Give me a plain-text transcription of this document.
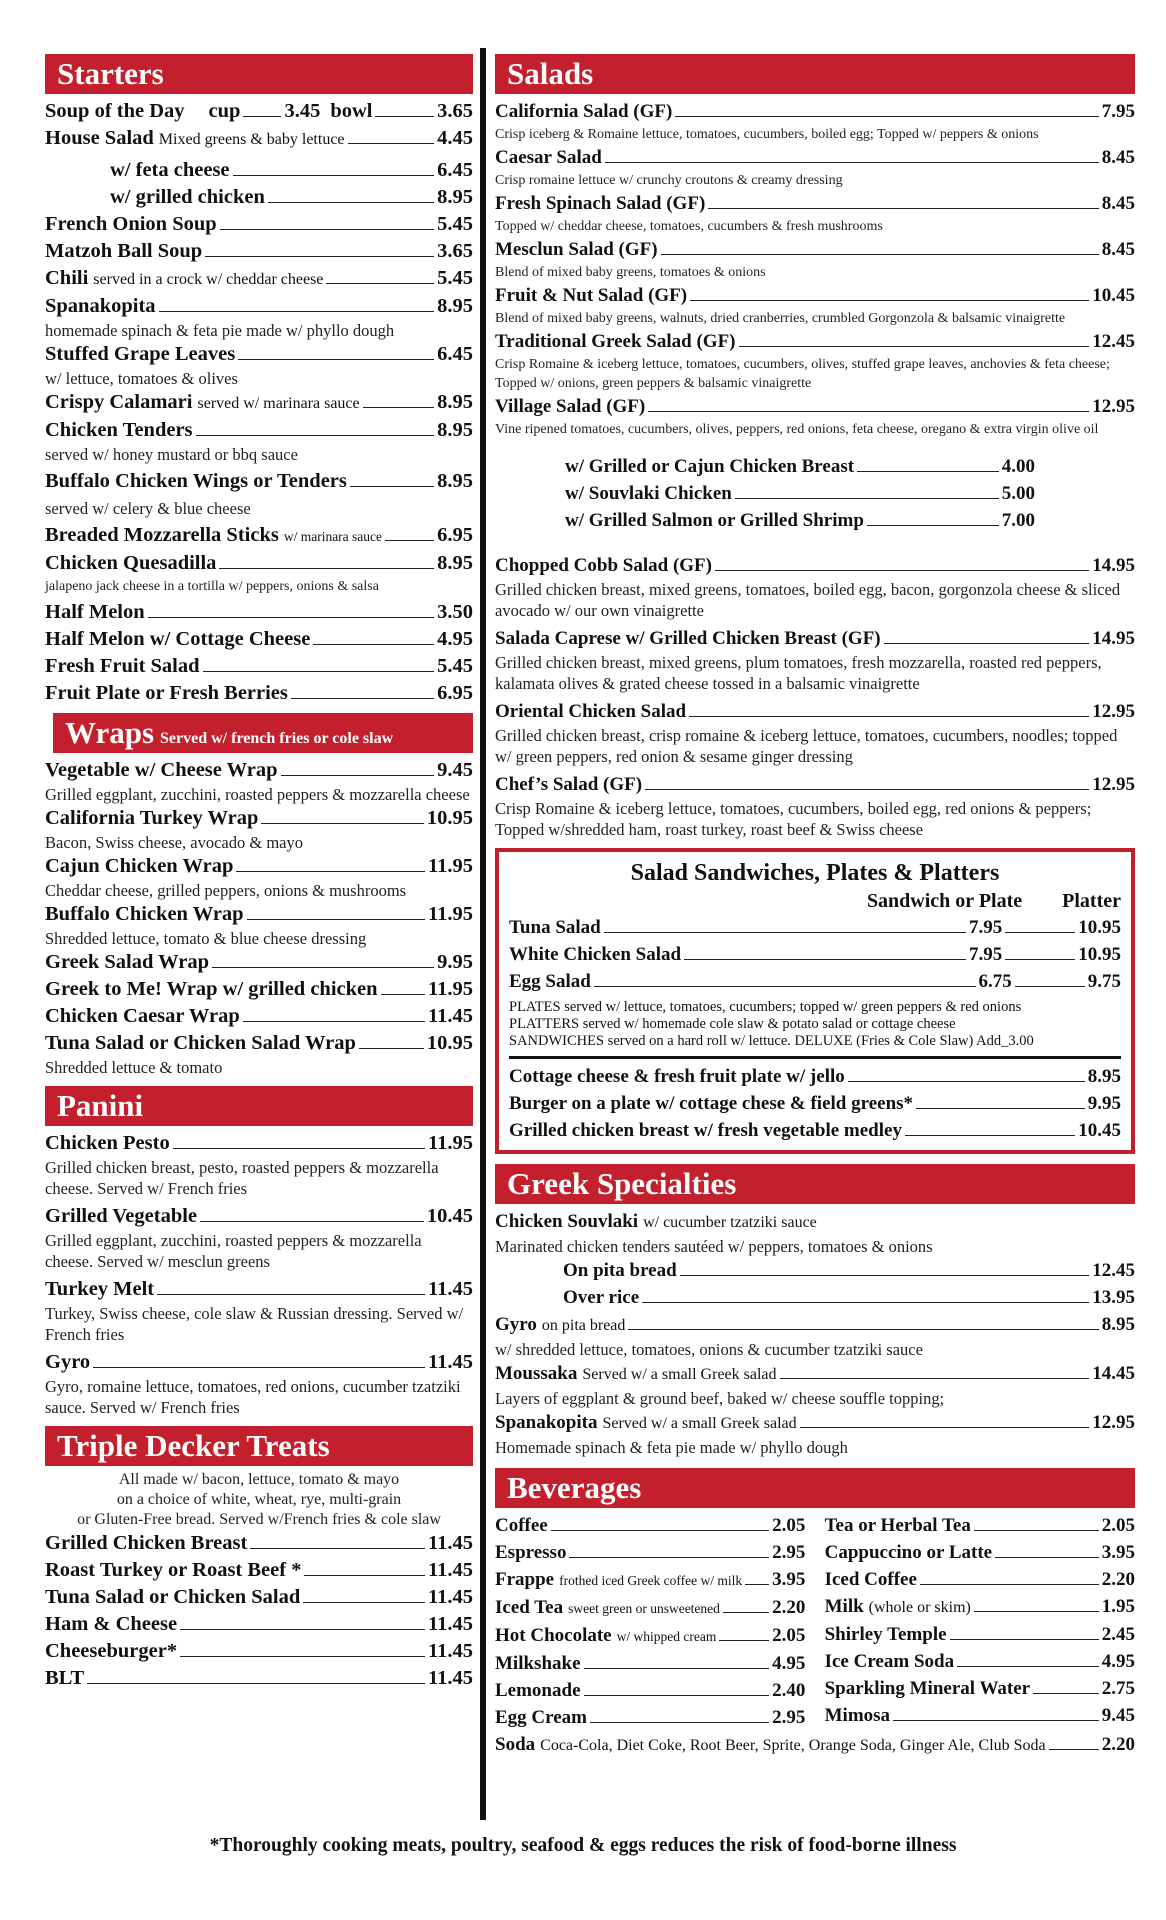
Starters
Soup of the Day cup 3.45 bowl	3.65
House Salad Mixed greens & baby lettuce	4.45
w/ feta cheese	6.45
w/ grilled chicken	8.95
French Onion Soup	5.45
Matzoh Ball Soup	3.65
Chili served in a crock w/ cheddar cheese	5.45
Spanakopita	8.95
homemade spinach & feta pie made w/ phyllo dough
Stuffed Grape Leaves	6.45
w/ lettuce, tomatoes & olives
Crispy Calamari served w/ marinara sauce	8.95
Chicken Tenders	8.95
served w/ honey mustard or bbq sauce
Buffalo Chicken Wings or Tenders	8.95
served w/ celery & blue cheese
Breaded Mozzarella Sticks w/ marinara sauce	6.95
Chicken Quesadilla	8.95
jalapeno jack cheese in a tortilla w/ peppers, onions & salsa
Half Melon	3.50
Half Melon w/ Cottage Cheese	4.95
Fresh Fruit Salad	5.45
Fruit Plate or Fresh Berries	6.95
Wraps Served w/ french fries or cole slaw
Vegetable w/ Cheese Wrap	9.45
Grilled eggplant, zucchini, roasted peppers & mozzarella cheese
California Turkey Wrap	10.95
Bacon, Swiss cheese, avocado & mayo
Cajun Chicken Wrap	11.95
Cheddar cheese, grilled peppers, onions & mushrooms
Buffalo Chicken Wrap	11.95
Shredded lettuce, tomato & blue cheese dressing
Greek Salad Wrap	9.95
Greek to Me! Wrap w/ grilled chicken 11.95
Chicken Caesar Wrap	11.45
Tuna Salad or Chicken Salad Wrap	10.95
Shredded lettuce & tomato
Panini
Chicken Pesto	11.95
Grilled chicken breast, pesto, roasted peppers & mozzarella cheese. Served w/ French fries
Grilled Vegetable	10.45
Grilled eggplant, zucchini, roasted peppers & mozzarella cheese. Served w/ mesclun greens
Turkey Melt	11.45
Turkey, Swiss cheese, cole slaw & Russian dressing. Served w/ French fries
Gyro	11.45
Gyro, romaine lettuce, tomatoes, red onions, cucumber tzatziki sauce. Served w/ French fries
Triple Decker Treats
All made w/ bacon, lettuce, tomato & mayo
on a choice of white, wheat, rye, multi-grain
or Gluten-Free bread. Served w/French fries & cole slaw
Grilled Chicken Breast	11.45
Roast Turkey or Roast Beef *	11.45
Tuna Salad or Chicken Salad	11.45
Ham & Cheese	11.45
Cheeseburger*	11.45
BLT	11.45
Salads
California Salad (GF)	7.95
Crisp iceberg & Romaine lettuce, tomatoes, cucumbers, boiled egg; Topped w/ peppers & onions
Caesar Salad	8.45
Crisp romaine lettuce w/ crunchy croutons & creamy dressing
Fresh Spinach Salad (GF)	8.45
Topped w/ cheddar cheese, tomatoes, cucumbers & fresh mushrooms
Mesclun Salad (GF)	8.45
Blend of mixed baby greens, tomatoes & onions
Fruit & Nut Salad (GF)	10.45
Blend of mixed baby greens, walnuts, dried cranberries, crumbled Gorgonzola & balsamic vinaigrette
Traditional Greek Salad (GF)	12.45
Crisp Romaine & iceberg lettuce, tomatoes, cucumbers, olives, stuffed grape leaves, anchovies & feta cheese; Topped w/ onions, green peppers & balsamic vinaigrette
Village Salad (GF)	12.95
Vine ripened tomatoes, cucumbers, olives, peppers, red onions, feta cheese, oregano & extra virgin olive oil
w/ Grilled or Cajun Chicken Breast	4.00
w/ Souvlaki Chicken	5.00
w/ Grilled Salmon or Grilled Shrimp	7.00
Chopped Cobb Salad (GF)	14.95
Grilled chicken breast, mixed greens, tomatoes, boiled egg, bacon, gorgonzola cheese & sliced avocado w/ our own vinaigrette
Salada Caprese w/ Grilled Chicken Breast (GF)	14.95
Grilled chicken breast, mixed greens, plum tomatoes, fresh mozzarella, roasted red peppers, kalamata olives & grated cheese tossed in a balsamic vinaigrette
Oriental Chicken Salad	12.95
Grilled chicken breast, crisp romaine & iceberg lettuce, tomatoes, cucumbers, noodles; topped w/ green peppers, red onion & sesame ginger dressing
Chef’s Salad (GF)	12.95
Crisp Romaine & iceberg lettuce, tomatoes, cucumbers, boiled egg, red onions & peppers; Topped w/shredded ham, roast turkey, roast beef & Swiss cheese
Salad Sandwiches, Plates & Platters
Sandwich or Plate Platter
Tuna Salad	7.95	10.95
White Chicken Salad	7.95	10.95
Egg Salad	6.75	9.75
PLATES served w/ lettuce, tomatoes, cucumbers; topped w/ green peppers & red onions
PLATTERS served w/ homemade cole slaw & potato salad or cottage cheese
SANDWICHES served on a hard roll w/ lettuce. DELUXE (Fries & Cole Slaw) Add_3.00
Cottage cheese & fresh fruit plate w/ jello	8.95
Burger on a plate w/ cottage chese & field greens*	9.95
Grilled chicken breast w/ fresh vegetable medley	10.45
Greek Specialties
Chicken Souvlaki w/ cucumber tzatziki sauce
Marinated chicken tenders sautéed w/ peppers, tomatoes & onions
On pita bread	12.45
Over rice	13.95
Gyro on pita bread	8.95
w/ shredded lettuce, tomatoes, onions & cucumber tzatziki sauce
Moussaka Served w/ a small Greek salad	14.45
Layers of eggplant & ground beef, baked w/ cheese souffle topping;
Spanakopita Served w/ a small Greek salad	12.95
Homemade spinach & feta pie made w/ phyllo dough
Beverages
Coffee	2.05
Espresso	2.95
Frappe frothed iced Greek coffee w/ milk 3.95
Iced Tea sweet green or unsweetened	2.20
Hot Chocolate w/ whipped cream	2.05
Milkshake	4.95
Lemonade	2.40
Egg Cream	2.95
Tea or Herbal Tea	2.05
Cappuccino or Latte	3.95
Iced Coffee	2.20
Milk (whole or skim)	1.95
Shirley Temple	2.45
Ice Cream Soda	4.95
Sparkling Mineral Water	2.75
Mimosa	9.45
Soda Coca-Cola, Diet Coke, Root Beer, Sprite, Orange Soda, Ginger Ale, Club Soda	2.20
*Thoroughly cooking meats, poultry, seafood & eggs reduces the risk of food-borne illness
